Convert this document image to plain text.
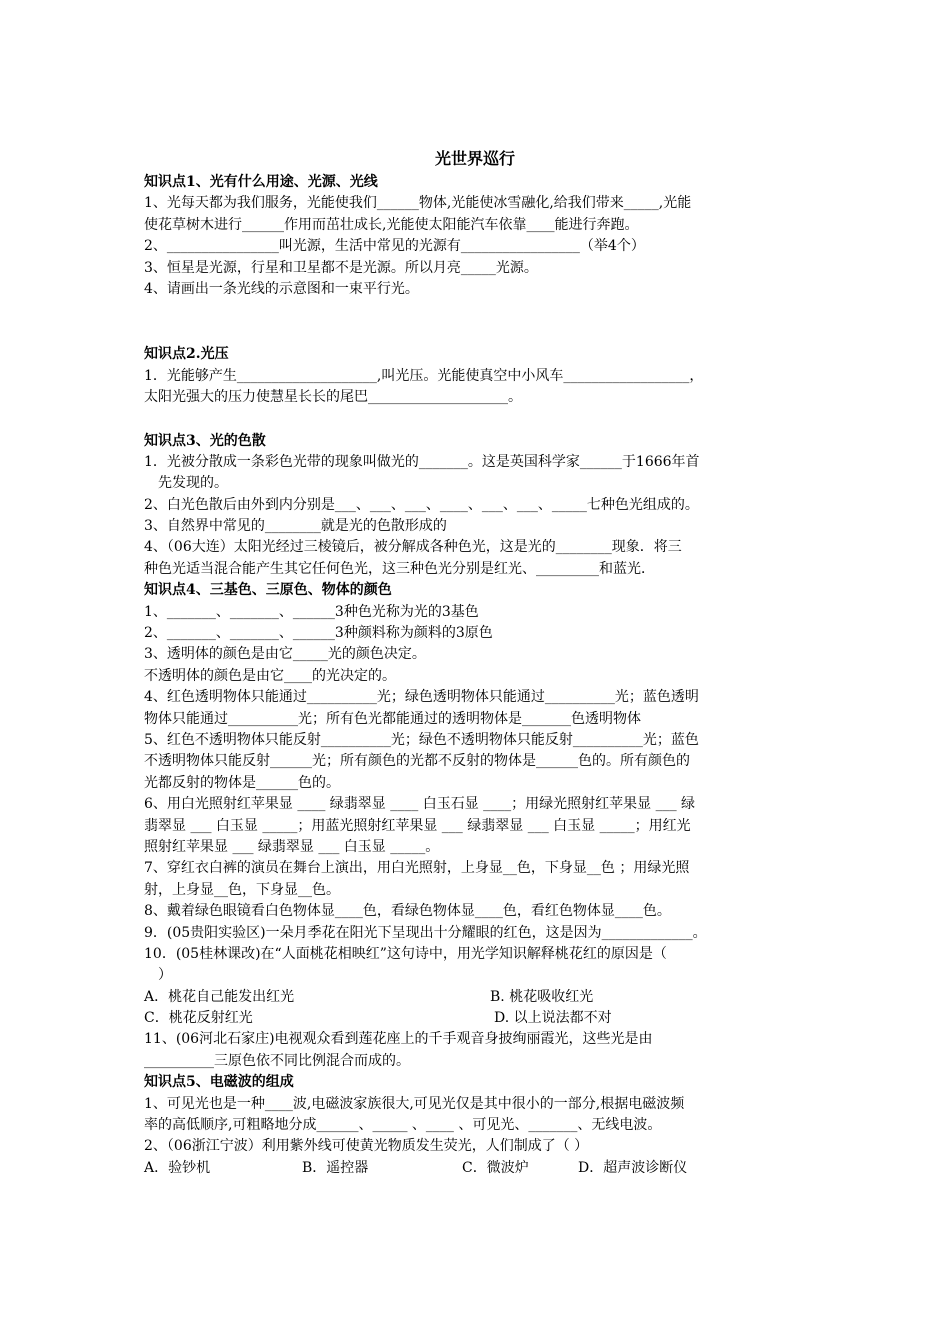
光世界巡行
知识点1、光有什么用途、光源、光线
1、光每天都为我们服务，光能使我们______物体,光能使冰雪融化,给我们带来_____,光能
使花草树木进行______作用而茁壮成长,光能使太阳能汽车依靠____能进行奔跑。
2、________________叫光源，生活中常见的光源有_________________（举4个）
3、恒星是光源，行星和卫星都不是光源。所以月亮_____光源。
4、请画出一条光线的示意图和一束平行光。
知识点2.光压
1．光能够产生____________________,叫光压。光能使真空中小风车__________________，
太阳光强大的压力使慧星长长的尾巴____________________。
知识点3、光的色散
1．光被分散成一条彩色光带的现象叫做光的_______。这是英国科学家______于1666年首
先发现的。
2、白光色散后由外到内分别是___、___、___、____、___、___、_____七种色光组成的。
3、自然界中常见的________就是光的色散形成的
4、（06大连）太阳光经过三棱镜后，被分解成各种色光，这是光的________现象．将三
种色光适当混合能产生其它任何色光，这三种色光分别是红光、_________和蓝光．
知识点4、三基色、三原色、物体的颜色
1、_______、_______、______3种色光称为光的3基色
2、_______、_______、______3种颜料称为颜料的3原色
3、透明体的颜色是由它_____光的颜色决定。
不透明体的颜色是由它____的光决定的。
4、红色透明物体只能通过__________光；绿色透明物体只能通过__________光；蓝色透明
物体只能通过__________光；所有色光都能通过的透明物体是_______色透明物体
5、红色不透明物体只能反射__________光；绿色不透明物体只能反射__________光；蓝色
不透明物体只能反射______光；所有颜色的光都不反射的物体是______色的。所有颜色的
光都反射的物体是______色的。
6、用白光照射红苹果显 ____ 绿翡翠显 ____ 白玉石显 ____；用绿光照射红苹果显 ___ 绿
翡翠显 ___ 白玉显 _____；用蓝光照射红苹果显 ___ 绿翡翠显 ___ 白玉显 _____；用红光
照射红苹果显 ___ 绿翡翠显 ___ 白玉显 _____。
7、穿红衣白裤的演员在舞台上演出，用白光照射，上身显__色，下身显__色 ；用绿光照
射，上身显__色，下身显__色。
8、戴着绿色眼镜看白色物体显____色，看绿色物体显____色，看红色物体显____色。
9．(05贵阳实验区)一朵月季花在阳光下呈现出十分耀眼的红色，这是因为_____________。
10．(05桂林课改)在“人面桃花相映红”这句诗中，用光学知识解释桃花红的原因是（
）
A．桃花自己能发出红光	B. 桃花吸收红光
C．桃花反射红光	D. 以上说法都不对
11、(06河北石家庄)电视观众看到莲花座上的千手观音身披绚丽霞光，这些光是由
__________三原色依不同比例混合而成的。
知识点5、电磁波的组成
1、可见光也是一种____波,电磁波家族很大,可见光仅是其中很小的一部分,根据电磁波频
率的高低顺序,可粗略地分成______、_____ 、____ 、可见光、_______、无线电波。
2、（06浙江宁波）利用紫外线可使黄光物质发生荧光，人们制成了（ ）
A．验钞机	B．遥控器	C．微波炉	D．超声波诊断仪
